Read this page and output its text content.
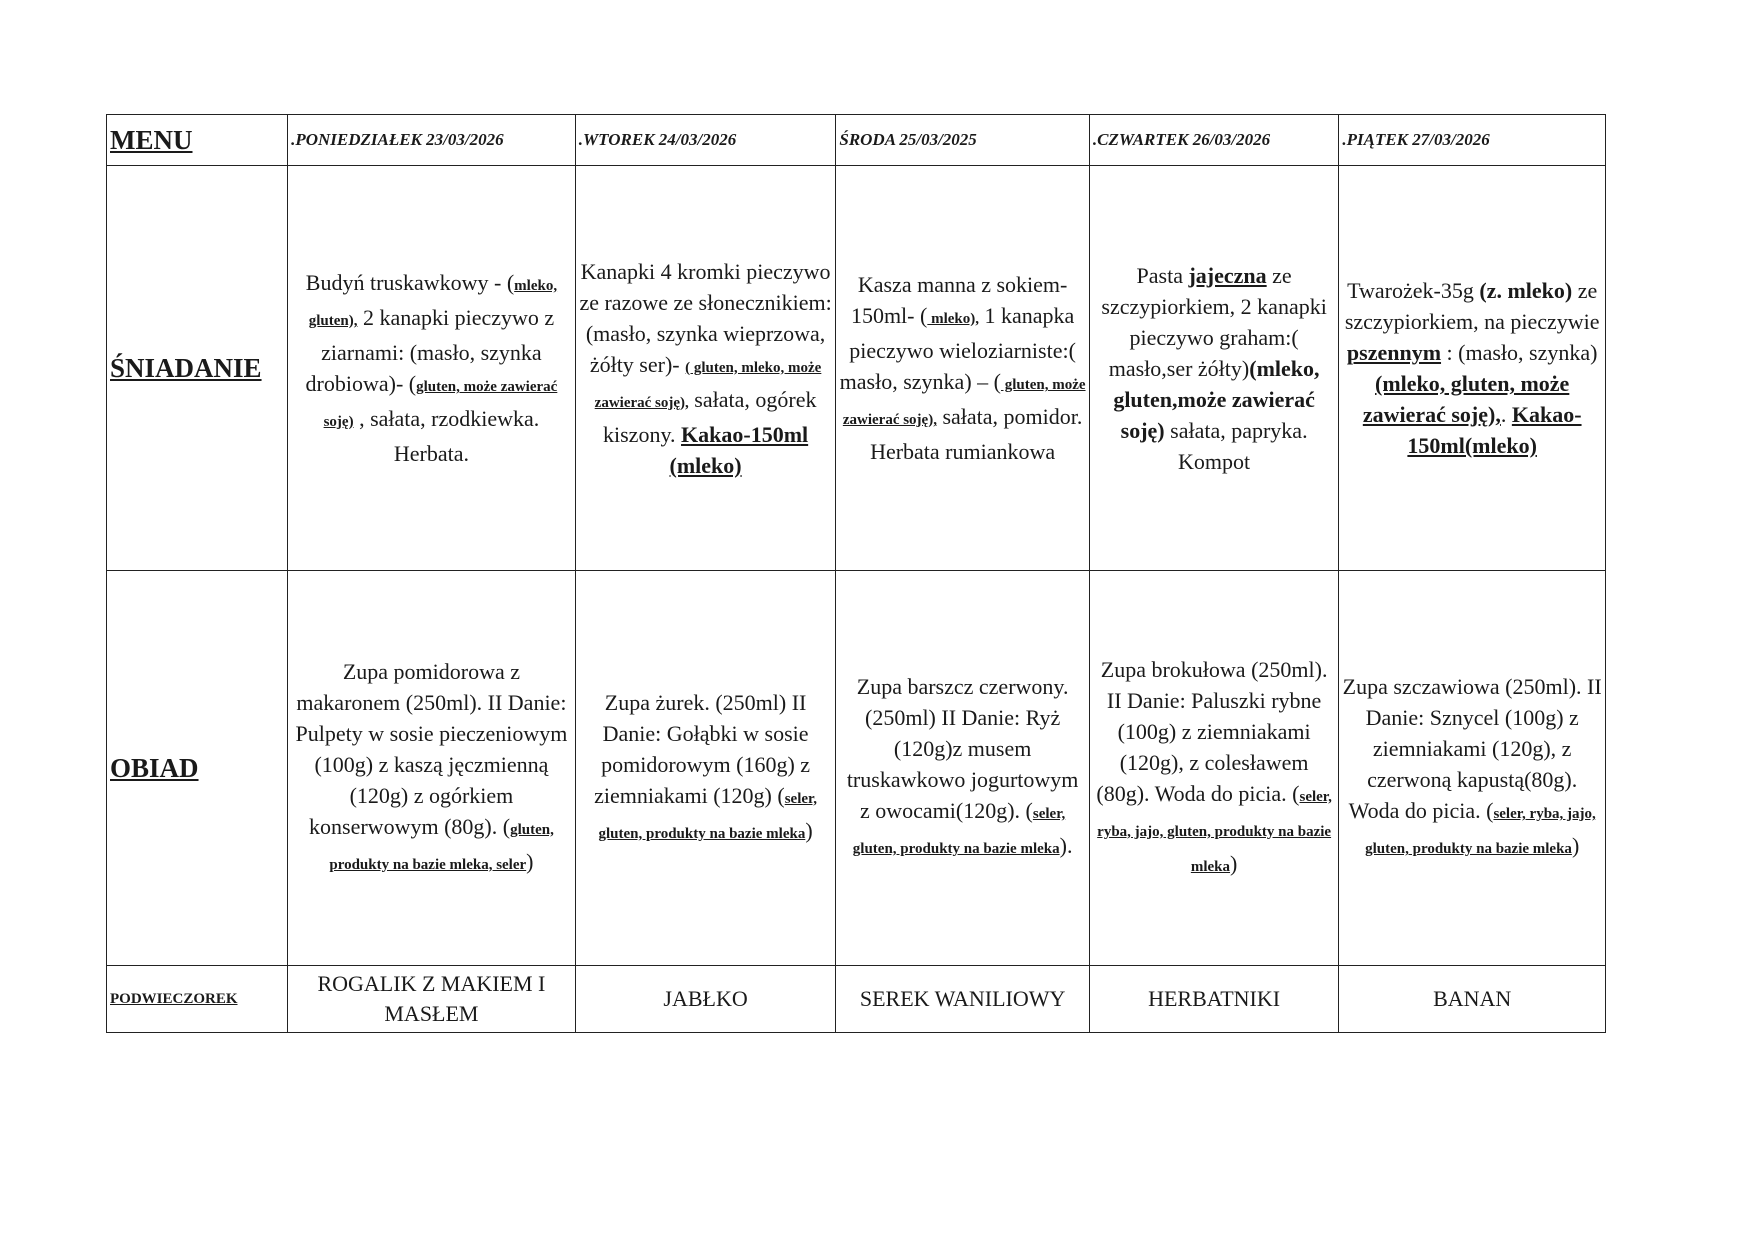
MENU	.PONIEDZIAŁEK 23/03/2026	.WTOREK 24/03/2026	ŚRODA 25/03/2025	.CZWARTEK 26/03/2026	.PIĄTEK 27/03/2026
ŚNIADANIE	Budyń truskawkowy - (mleko, gluten), 2 kanapki pieczywo z ziarnami: (masło, szynka drobiowa)- (gluten, może zawierać soję) , sałata, rzodkiewka. Herbata.	Kanapki 4 kromki pieczywo ze razowe ze słonecznikiem: (masło, szynka wieprzowa, żółty ser)- ( gluten, mleko, może zawierać soję), sałata, ogórek kiszony. Kakao-150ml (mleko)	Kasza manna z sokiem-150ml- ( mleko), 1 kanapka pieczywo wieloziarniste:( masło, szynka) – ( gluten, może zawierać soję), sałata, pomidor. Herbata rumiankowa	Pasta jajeczna ze szczypiorkiem, 2 kanapki pieczywo graham:( masło,ser żółty)(mleko, gluten,może zawierać soję) sałata, papryka. Kompot	Twarożek-35g (z. mleko) ze szczypiorkiem, na pieczywie pszennym : (masło, szynka)(mleko, gluten, może zawierać soję),. Kakao-150ml(mleko)
OBIAD	Zupa pomidorowa z makaronem (250ml). II Danie: Pulpety w sosie pieczeniowym (100g) z kaszą jęczmienną (120g) z ogórkiem konserwowym (80g). (gluten, produkty na bazie mleka, seler)	Zupa żurek. (250ml) II Danie: Gołąbki w sosie pomidorowym (160g) z ziemniakami (120g) (seler, gluten, produkty na bazie mleka)	Zupa barszcz czerwony.(250ml) II Danie: Ryż (120g)z musem truskawkowo jogurtowym z owocami(120g). (seler, gluten, produkty na bazie mleka).	Zupa brokułowa (250ml). II Danie: Paluszki rybne (100g) z ziemniakami (120g), z colesławem (80g). Woda do picia. (seler, ryba, jajo, gluten, produkty na bazie mleka)	Zupa szczawiowa (250ml). II Danie: Sznycel (100g) z ziemniakami (120g), z czerwoną kapustą(80g). Woda do picia. (seler, ryba, jajo, gluten, produkty na bazie mleka)
PODWIECZOREK	ROGALIK Z MAKIEM I MASŁEM	JABŁKO	SEREK WANILIOWY	HERBATNIKI	BANAN
